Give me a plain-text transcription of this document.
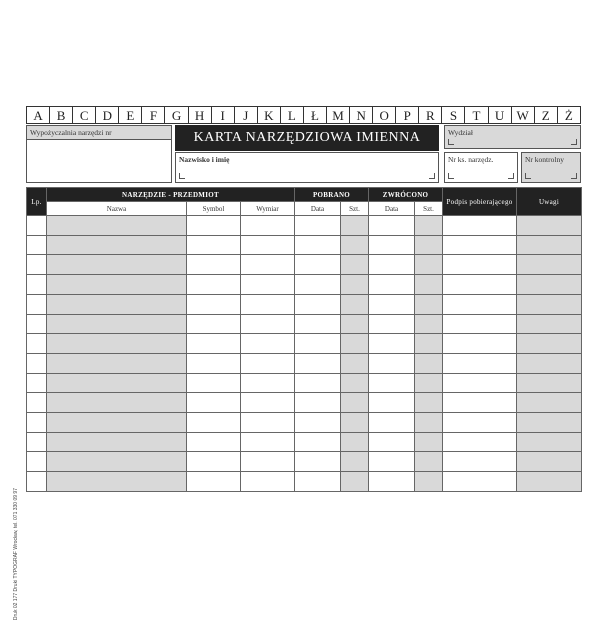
A	B	C	D	E	F	G	H	I	J	K	L	Ł	M N	O	P	R	S	T	U W Z	Ż
Wypożyczalnia narzędzi nr	KARTA NARZĘDZIOWA IMIENNA
Nazwisko i imię
Wydział
Nr ks. narzędz.	Nr kontrolny
Lp.	NARZĘDZIE - PRZEDMIOT			POBRANO		ZWRÓCONO		Podpis pobierającego	Uwagi
	Nazwa	Symbol	Wymiar	Data	Szt.	Data	Szt.		

Druk 02 177 Druki TYPOGRAF Wrocław, tel. 071 330 09 97
